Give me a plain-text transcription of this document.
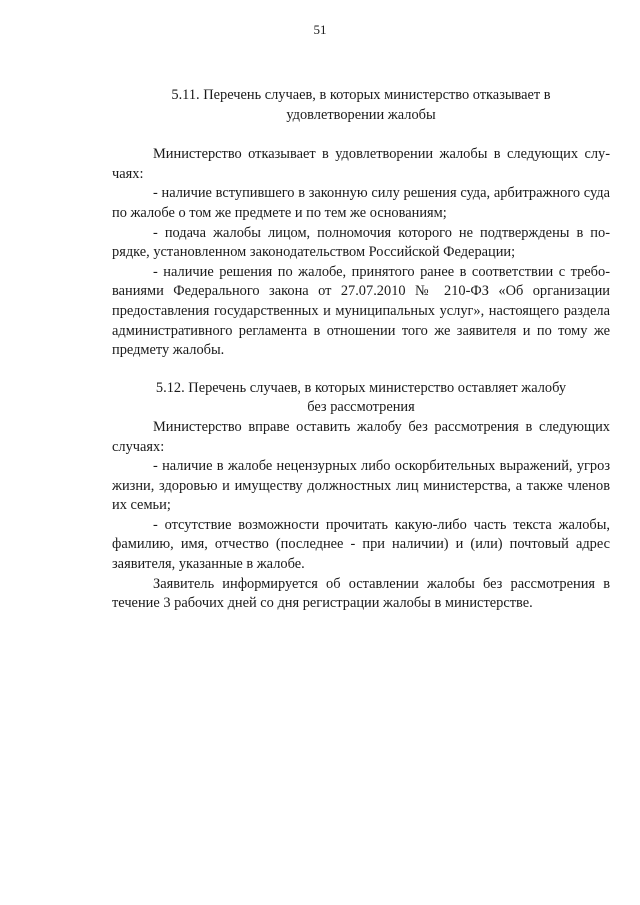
51
5.11. Перечень случаев, в которых министерство отказывает в
удовлетворении жалобы

Министерство отказывает в удовлетворении жалобы в следующих случаях:

- наличие вступившего в законную силу решения суда, арбитражного суда по жалобе о том же предмете и по тем же основаниям;

- подача жалобы лицом, полномочия которого не подтверждены в порядке, установленном законодательством Российской Федерации;

- наличие решения по жалобе, принятого ранее в соответствии с требованиями Федерального закона от 27.07.2010 № 210-ФЗ «Об организации предоставления государственных и муниципальных услуг», настоящего раздела административного регламента в отношении того же заявителя и по тому же предмету жалобы.

5.12. Перечень случаев, в которых министерство оставляет жалобу
без рассмотрения

Министерство вправе оставить жалобу без рассмотрения в следующих случаях:

- наличие в жалобе нецензурных либо оскорбительных выражений, угроз жизни, здоровью и имуществу должностных лиц министерства, а также членов их семьи;

- отсутствие возможности прочитать какую-либо часть текста жалобы, фамилию, имя, отчество (последнее - при наличии) и (или) почтовый адрес заявителя, указанные в жалобе.

Заявитель информируется об оставлении жалобы без рассмотрения в течение 3 рабочих дней со дня регистрации жалобы в министерстве.
